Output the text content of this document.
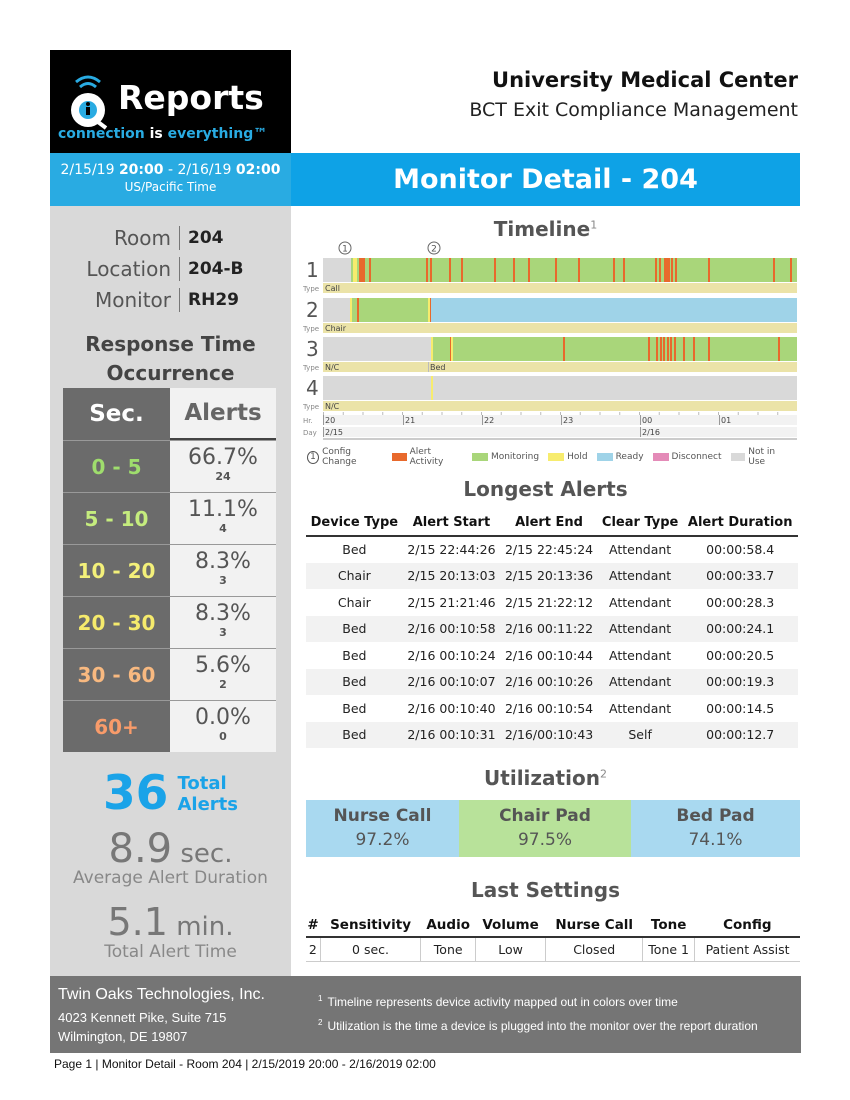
Reports
connection is everything™
University Medical Center
BCT Exit Compliance Management
2/15/19 20:00 - 2/16/19 02:00
US/Pacific Time	Monitor Detail - 204
Room	204
Location	204-B
Monitor	RH29
Response Time
Occurrence
Sec.	Alerts
0 - 5	66.7%
24
5 - 10	11.1%
4
10 - 20	8.3%
3
20 - 30	8.3%
3
30 - 60	5.6%
2
60+	0.0%
0
36 Total
Alerts
8.9 sec.
Average Alert Duration
5.1 min.
Total Alert Time
Timeline$^1$
1	2
1
Type Call
2
Type Chair
3
Type N/C	Bed
4
Type N/C
Hr. 20	21	22	23	00	01
Day 2/15	2/16
1 Config Change
Alert Activity	Monitoring	Hold	Ready	Disconnect	Not in Use
Longest Alerts
Device Type	Alert Start	Alert End	Clear Type	Alert Duration
Bed	2/15 22:44:26	2/15 22:45:24	Attendant	00:00:58.4
Chair	2/15 20:13:03	2/15 20:13:36	Attendant	00:00:33.7
Chair	2/15 21:21:46	2/15 21:22:12	Attendant	00:00:28.3
Bed	2/16 00:10:58	2/16 00:11:22	Attendant	00:00:24.1
Bed	2/16 00:10:24	2/16 00:10:44	Attendant	00:00:20.5
Bed	2/16 00:10:07	2/16 00:10:26	Attendant	00:00:19.3
Bed	2/16 00:10:40	2/16 00:10:54	Attendant	00:00:14.5
Bed	2/16 00:10:31	2/16/00:10:43	Self	00:00:12.7
Utilization$^2$
Nurse Call
97.2%
Chair Pad
97.5%
Bed Pad
74.1%
Last Settings
#	Sensitivity	Audio	Volume	Nurse Call	Tone	Config
2	0 sec.	Tone	Low	Closed	Tone 1	Patient Assist
Twin Oaks Technologies, Inc.
4023 Kennett Pike, Suite 715
Wilmington, DE 19807
$^1$ Timeline represents device activity mapped out in colors over time
$^2$ Utilization is the time a device is plugged into the monitor over the report duration
Page 1 | Monitor Detail - Room 204 | 2/15/2019 20:00 - 2/16/2019 02:00
